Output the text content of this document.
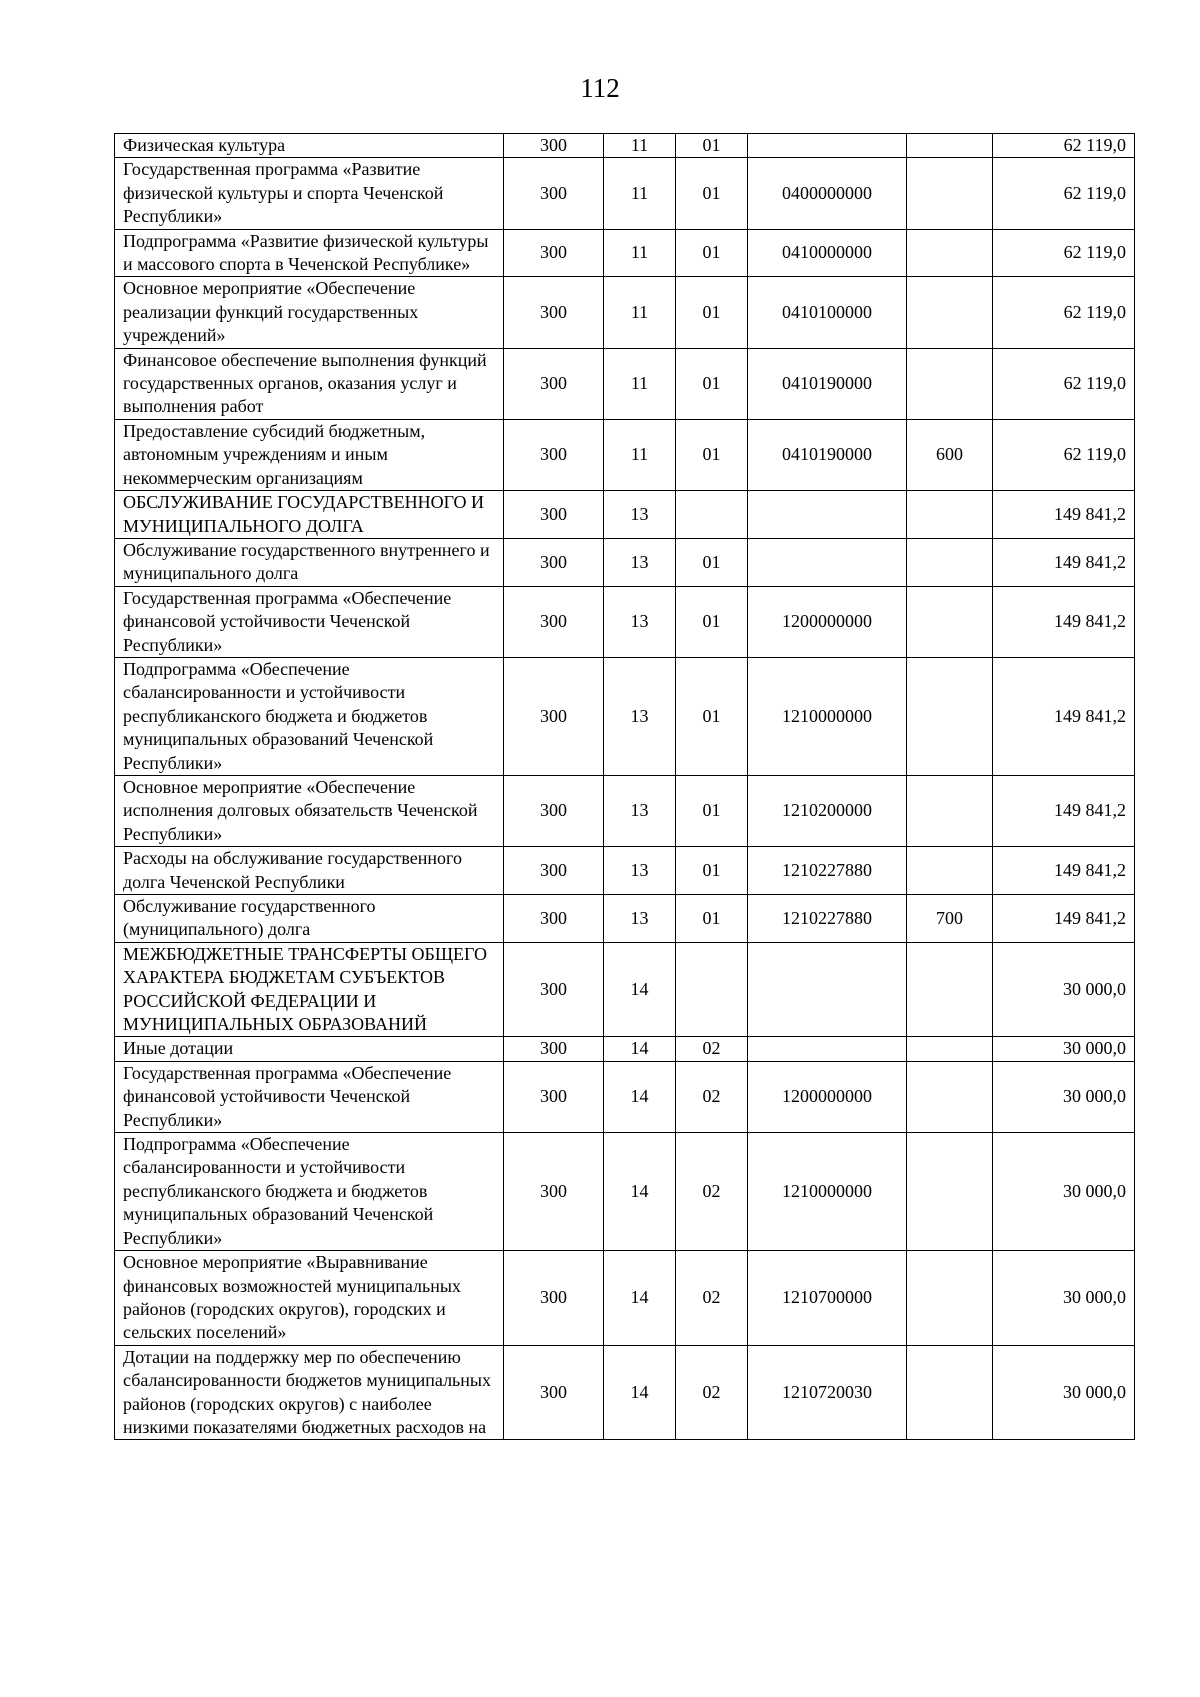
112
Физическая культура	300	11	01			62 119,0
Государственная программа «Развитие физической культуры и спорта Чеченской Республики»	300	11	01	0400000000		62 119,0
Подпрограмма «Развитие физической культуры и массового спорта в Чеченской Республике»	300	11	01	0410000000		62 119,0
Основное мероприятие «Обеспечение реализации функций государственных учреждений»	300	11	01	0410100000		62 119,0
Финансовое обеспечение выполнения функций государственных органов, оказания услуг и выполнения работ	300	11	01	0410190000		62 119,0
Предоставление субсидий бюджетным, автономным учреждениям и иным некоммерческим организациям	300	11	01	0410190000	600	62 119,0
ОБСЛУЖИВАНИЕ ГОСУДАРСТВЕННОГО И МУНИЦИПАЛЬНОГО ДОЛГА	300	13				149 841,2
Обслуживание государственного внутреннего и муниципального долга	300	13	01			149 841,2
Государственная программа «Обеспечение финансовой устойчивости Чеченской Республики»	300	13	01	1200000000		149 841,2
Подпрограмма «Обеспечение сбалансированности и устойчивости республиканского бюджета и бюджетов муниципальных образований Чеченской Республики»	300	13	01	1210000000		149 841,2
Основное мероприятие «Обеспечение исполнения долговых обязательств Чеченской Республики»	300	13	01	1210200000		149 841,2
Расходы на обслуживание государственного долга Чеченской Республики	300	13	01	1210227880		149 841,2
Обслуживание государственного (муниципального) долга	300	13	01	1210227880	700	149 841,2
МЕЖБЮДЖЕТНЫЕ ТРАНСФЕРТЫ ОБЩЕГО ХАРАКТЕРА БЮДЖЕТАМ СУБЪЕКТОВ РОССИЙСКОЙ ФЕДЕРАЦИИ И МУНИЦИПАЛЬНЫХ ОБРАЗОВАНИЙ	300	14				30 000,0
Иные дотации	300	14	02			30 000,0
Государственная программа «Обеспечение финансовой устойчивости Чеченской Республики»	300	14	02	1200000000		30 000,0
Подпрограмма «Обеспечение сбалансированности и устойчивости республиканского бюджета и бюджетов муниципальных образований Чеченской Республики»	300	14	02	1210000000		30 000,0
Основное мероприятие «Выравнивание финансовых возможностей муниципальных районов (городских округов), городских и сельских поселений»	300	14	02	1210700000		30 000,0
Дотации на поддержку мер по обеспечению сбалансированности бюджетов муниципальных районов (городских округов) с наиболее низкими показателями бюджетных расходов на	300	14	02	1210720030		30 000,0
